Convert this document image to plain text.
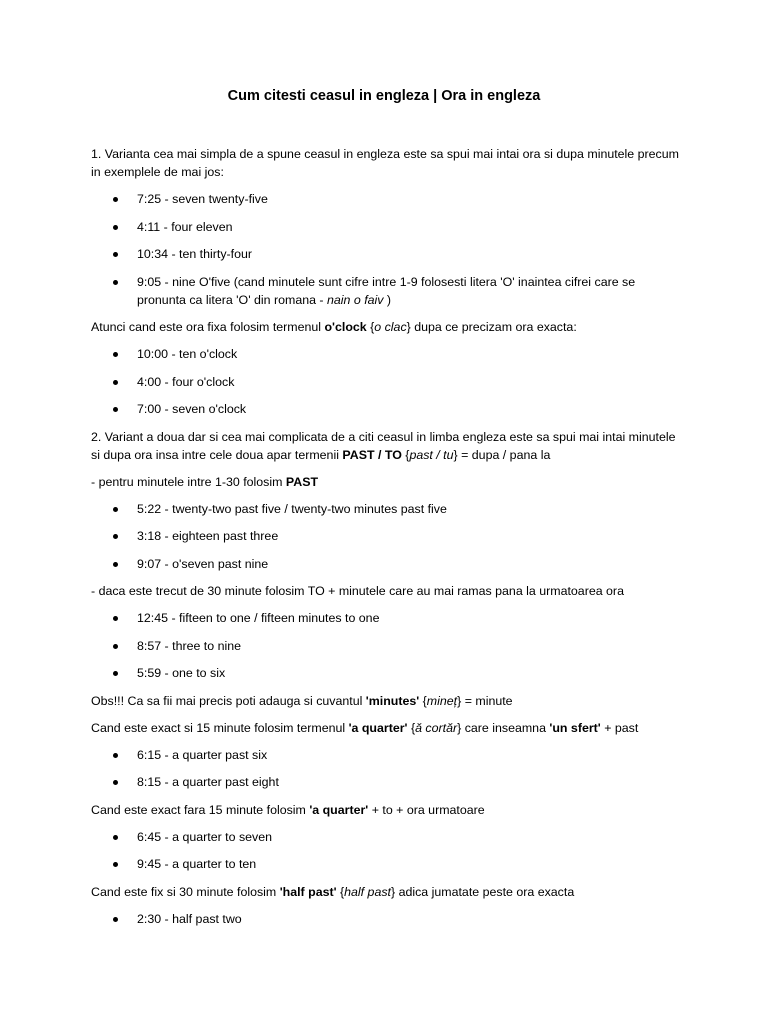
Cum citesti ceasul in engleza | Ora in engleza

1. Varianta cea mai simpla de a spune ceasul in engleza este sa spui mai intai ora si dupa minutele precum in exemplele de mai jos:

7:25 - seven twenty-five
4:11 - four eleven
10:34 - ten thirty-four
9:05 - nine O'five (cand minutele sunt cifre intre 1-9 folosesti litera 'O' inaintea cifrei care se pronunta ca litera 'O' din romana - nain o faiv )

Atunci cand este ora fixa folosim termenul o'clock {o clac} dupa ce precizam ora exacta:

10:00 - ten o'clock
4:00 - four o'clock
7:00 - seven o'clock

2. Variant a doua dar si cea mai complicata de a citi ceasul in limba engleza este sa spui mai intai minutele si dupa ora insa intre cele doua apar termenii PAST / TO {past / tu} = dupa / pana la

- pentru minutele intre 1-30 folosim PAST

5:22 - twenty-two past five / twenty-two minutes past five
3:18 - eighteen past three
9:07 - o'seven past nine

- daca este trecut de 30 minute folosim TO + minutele care au mai ramas pana la urmatoarea ora

12:45 - fifteen to one / fifteen minutes to one
8:57 - three to nine
5:59 - one to six

Obs!!! Ca sa fii mai precis poti adauga si cuvantul 'minutes' {mineț} = minute

Cand este exact si 15 minute folosim termenul 'a quarter' {ă cortăr} care inseamna 'un sfert' + past

6:15 - a quarter past six
8:15 - a quarter past eight

Cand este exact fara 15 minute folosim 'a quarter' + to + ora urmatoare

6:45 - a quarter to seven
9:45 - a quarter to ten

Cand este fix si 30 minute folosim 'half past' {half past} adica jumatate peste ora exacta

2:30 - half past two
